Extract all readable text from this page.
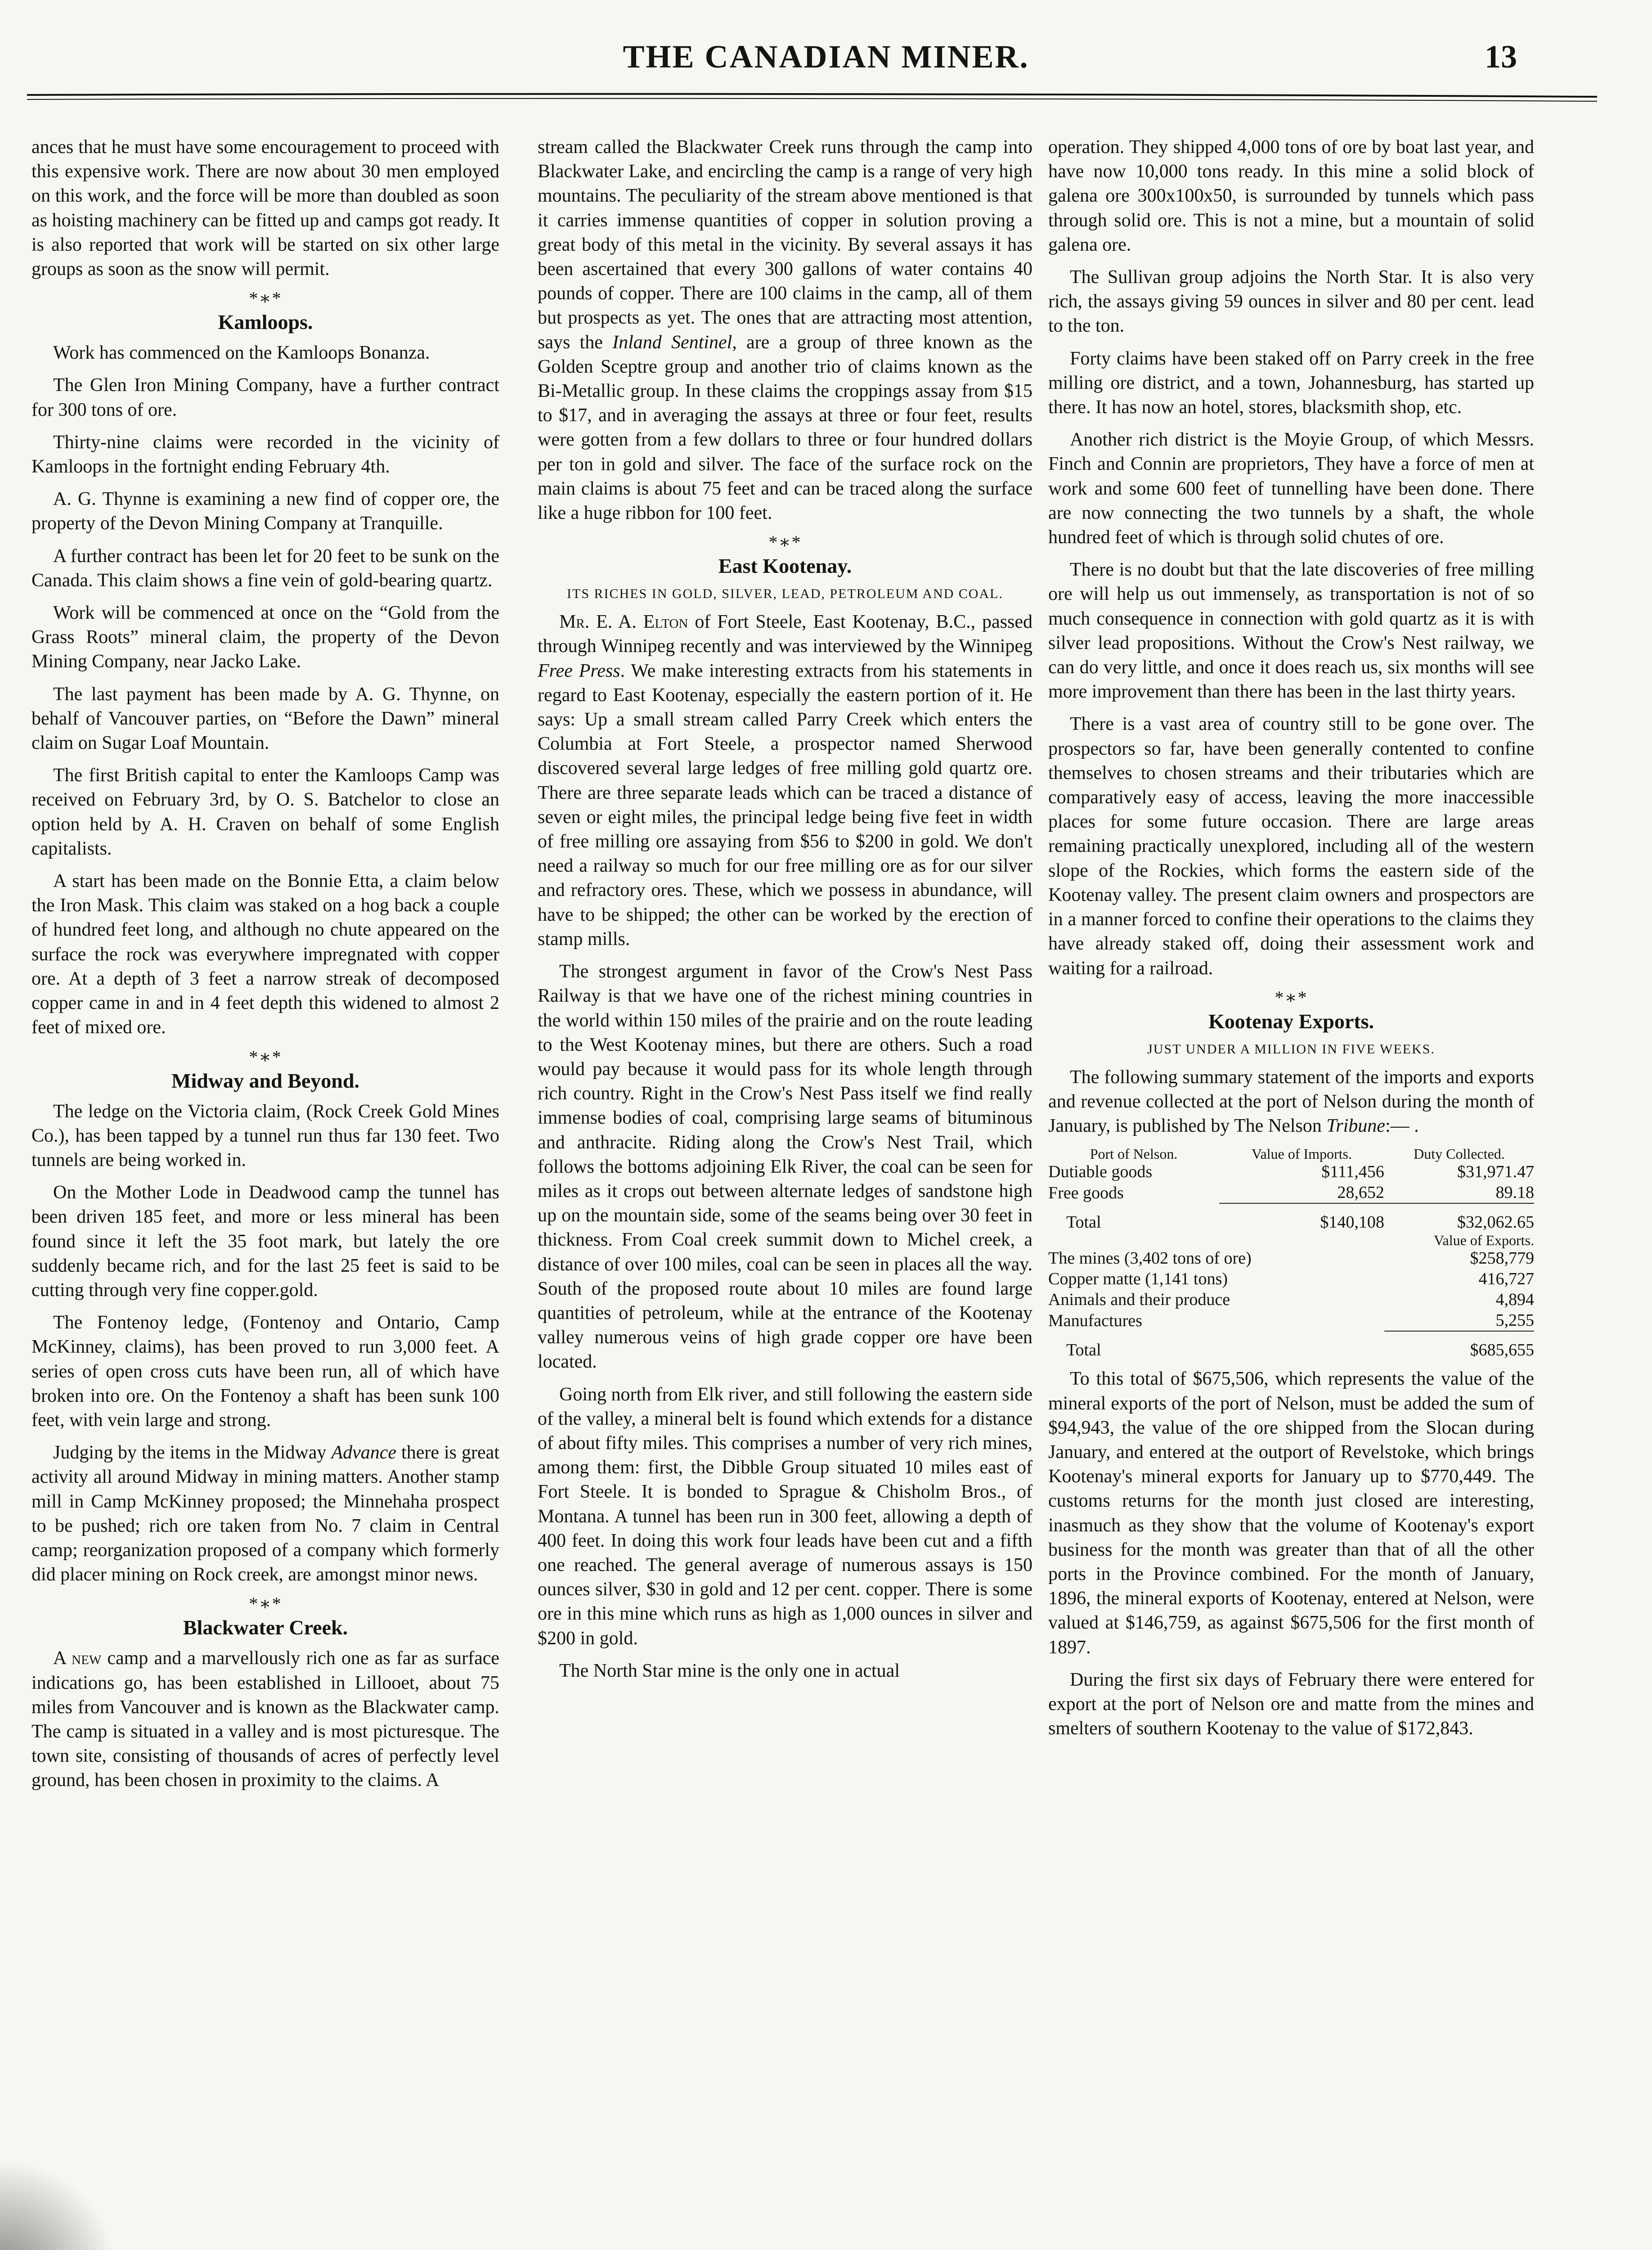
THE CANADIAN MINER.	13

ances that he must have some encouragement to proceed with this expensive work. There are now about 30 men employed on this work, and the force will be more than doubled as soon as hoisting machinery can be fitted up and camps got ready. It is also reported that work will be started on six other large groups as soon as the snow will permit.

*∗*
Kamloops.

Work has commenced on the Kamloops Bonanza.

The Glen Iron Mining Company, have a further contract for 300 tons of ore.

Thirty-nine claims were recorded in the vicinity of Kamloops in the fortnight ending February 4th.

A. G. Thynne is examining a new find of copper ore, the property of the Devon Mining Company at Tranquille.

A further contract has been let for 20 feet to be sunk on the Canada. This claim shows a fine vein of gold-bearing quartz.

Work will be commenced at once on the “Gold from the Grass Roots” mineral claim, the property of the Devon Mining Company, near Jacko Lake.

The last payment has been made by A. G. Thynne, on behalf of Vancouver parties, on “Before the Dawn” mineral claim on Sugar Loaf Mountain.

The first British capital to enter the Kamloops Camp was received on February 3rd, by O. S. Batchelor to close an option held by A. H. Craven on behalf of some English capitalists.

A start has been made on the Bonnie Etta, a claim below the Iron Mask. This claim was staked on a hog back a couple of hundred feet long, and although no chute appeared on the surface the rock was everywhere impregnated with copper ore. At a depth of 3 feet a narrow streak of decomposed copper came in and in 4 feet depth this widened to almost 2 feet of mixed ore.

*∗*
Midway and Beyond.

The ledge on the Victoria claim, (Rock Creek Gold Mines Co.), has been tapped by a tunnel run thus far 130 feet. Two tunnels are being worked in.

On the Mother Lode in Deadwood camp the tunnel has been driven 185 feet, and more or less mineral has been found since it left the 35 foot mark, but lately the ore suddenly became rich, and for the last 25 feet is said to be cutting through very fine copper.gold.

The Fontenoy ledge, (Fontenoy and Ontario, Camp McKinney, claims), has been proved to run 3,000 feet. A series of open cross cuts have been run, all of which have broken into ore. On the Fontenoy a shaft has been sunk 100 feet, with vein large and strong.

Judging by the items in the Midway Advance there is great activity all around Midway in mining matters. Another stamp mill in Camp McKinney proposed; the Minnehaha prospect to be pushed; rich ore taken from No. 7 claim in Central camp; reorganization proposed of a company which formerly did placer mining on Rock creek, are amongst minor news.

*∗*
Blackwater Creek.

A new camp and a marvellously rich one as far as surface indications go, has been established in Lillooet, about 75 miles from Vancouver and is known as the Blackwater camp. The camp is situated in a valley and is most picturesque. The town site, consisting of thousands of acres of perfectly level ground, has been chosen in proximity to the claims. A

stream called the Blackwater Creek runs through the camp into Blackwater Lake, and encircling the camp is a range of very high mountains. The peculiarity of the stream above mentioned is that it carries immense quantities of copper in solution proving a great body of this metal in the vicinity. By several assays it has been ascertained that every 300 gallons of water contains 40 pounds of copper. There are 100 claims in the camp, all of them but prospects as yet. The ones that are attracting most attention, says the Inland Sentinel, are a group of three known as the Golden Sceptre group and another trio of claims known as the Bi-Metallic group. In these claims the croppings assay from $15 to $17, and in averaging the assays at three or four feet, results were gotten from a few dollars to three or four hundred dollars per ton in gold and silver. The face of the surface rock on the main claims is about 75 feet and can be traced along the surface like a huge ribbon for 100 feet.

*∗*
East Kootenay.
ITS RICHES IN GOLD, SILVER, LEAD, PETROLEUM AND COAL.

Mr. E. A. Elton of Fort Steele, East Kootenay, B.C., passed through Winnipeg recently and was interviewed by the Winnipeg Free Press. We make interesting extracts from his statements in regard to East Kootenay, especially the eastern portion of it. He says: Up a small stream called Parry Creek which enters the Columbia at Fort Steele, a prospector named Sherwood discovered several large ledges of free milling gold quartz ore. There are three separate leads which can be traced a distance of seven or eight miles, the principal ledge being five feet in width of free milling ore assaying from $56 to $200 in gold. We don't need a railway so much for our free milling ore as for our silver and refractory ores. These, which we possess in abundance, will have to be shipped; the other can be worked by the erection of stamp mills.

The strongest argument in favor of the Crow's Nest Pass Railway is that we have one of the richest mining countries in the world within 150 miles of the prairie and on the route leading to the West Kootenay mines, but there are others. Such a road would pay because it would pass for its whole length through rich country. Right in the Crow's Nest Pass itself we find really immense bodies of coal, comprising large seams of bituminous and anthracite. Riding along the Crow's Nest Trail, which follows the bottoms adjoining Elk River, the coal can be seen for miles as it crops out between alternate ledges of sandstone high up on the mountain side, some of the seams being over 30 feet in thickness. From Coal creek summit down to Michel creek, a distance of over 100 miles, coal can be seen in places all the way. South of the proposed route about 10 miles are found large quantities of petroleum, while at the entrance of the Kootenay valley numerous veins of high grade copper ore have been located.

Going north from Elk river, and still following the eastern side of the valley, a mineral belt is found which extends for a distance of about fifty miles. This comprises a number of very rich mines, among them: first, the Dibble Group situated 10 miles east of Fort Steele. It is bonded to Sprague & Chisholm Bros., of Montana. A tunnel has been run in 300 feet, allowing a depth of 400 feet. In doing this work four leads have been cut and a fifth one reached. The general average of numerous assays is 150 ounces silver, $30 in gold and 12 per cent. copper. There is some ore in this mine which runs as high as 1,000 ounces in silver and $200 in gold.

The North Star mine is the only one in actual

operation. They shipped 4,000 tons of ore by boat last year, and have now 10,000 tons ready. In this mine a solid block of galena ore 300x100x50, is surrounded by tunnels which pass through solid ore. This is not a mine, but a mountain of solid galena ore.

The Sullivan group adjoins the North Star. It is also very rich, the assays giving 59 ounces in silver and 80 per cent. lead to the ton.

Forty claims have been staked off on Parry creek in the free milling ore district, and a town, Johannesburg, has started up there. It has now an hotel, stores, blacksmith shop, etc.

Another rich district is the Moyie Group, of which Messrs. Finch and Connin are proprietors, They have a force of men at work and some 600 feet of tunnelling have been done. There are now connecting the two tunnels by a shaft, the whole hundred feet of which is through solid chutes of ore.

There is no doubt but that the late discoveries of free milling ore will help us out immensely, as transportation is not of so much consequence in connection with gold quartz as it is with silver lead propositions. Without the Crow's Nest railway, we can do very little, and once it does reach us, six months will see more improvement than there has been in the last thirty years.

There is a vast area of country still to be gone over. The prospectors so far, have been generally contented to confine themselves to chosen streams and their tributaries which are comparatively easy of access, leaving the more inaccessible places for some future occasion. There are large areas remaining practically unexplored, including all of the western slope of the Rockies, which forms the eastern side of the Kootenay valley. The present claim owners and prospectors are in a manner forced to confine their operations to the claims they have already staked off, doing their assessment work and waiting for a railroad.

*∗*
Kootenay Exports.
JUST UNDER A MILLION IN FIVE WEEKS.

The following summary statement of the imports and exports and revenue collected at the port of Nelson during the month of January, is published by The Nelson Tribune:— .

Port of Nelson.	Value of Imports.	Duty Collected.
Dutiable goods	$111,456	$31,971.47
Free goods	28,652	89.18

Total	$140,108	$32,062.65
	Value of Exports.	
The mines (3,402 tons of ore)		$258,779
Copper matte (1,141 tons)		416,727
Animals and their produce		4,894
Manufactures		5,255

Total		$685,655

To this total of $675,506, which represents the value of the mineral exports of the port of Nelson, must be added the sum of $94,943, the value of the ore shipped from the Slocan during January, and entered at the outport of Revelstoke, which brings Kootenay's mineral exports for January up to $770,449. The customs returns for the month just closed are interesting, inasmuch as they show that the volume of Kootenay's export business for the month was greater than that of all the other ports in the Province combined. For the month of January, 1896, the mineral exports of Kootenay, entered at Nelson, were valued at $146,759, as against $675,506 for the first month of 1897.

During the first six days of February there were entered for export at the port of Nelson ore and matte from the mines and smelters of southern Kootenay to the value of $172,843.
